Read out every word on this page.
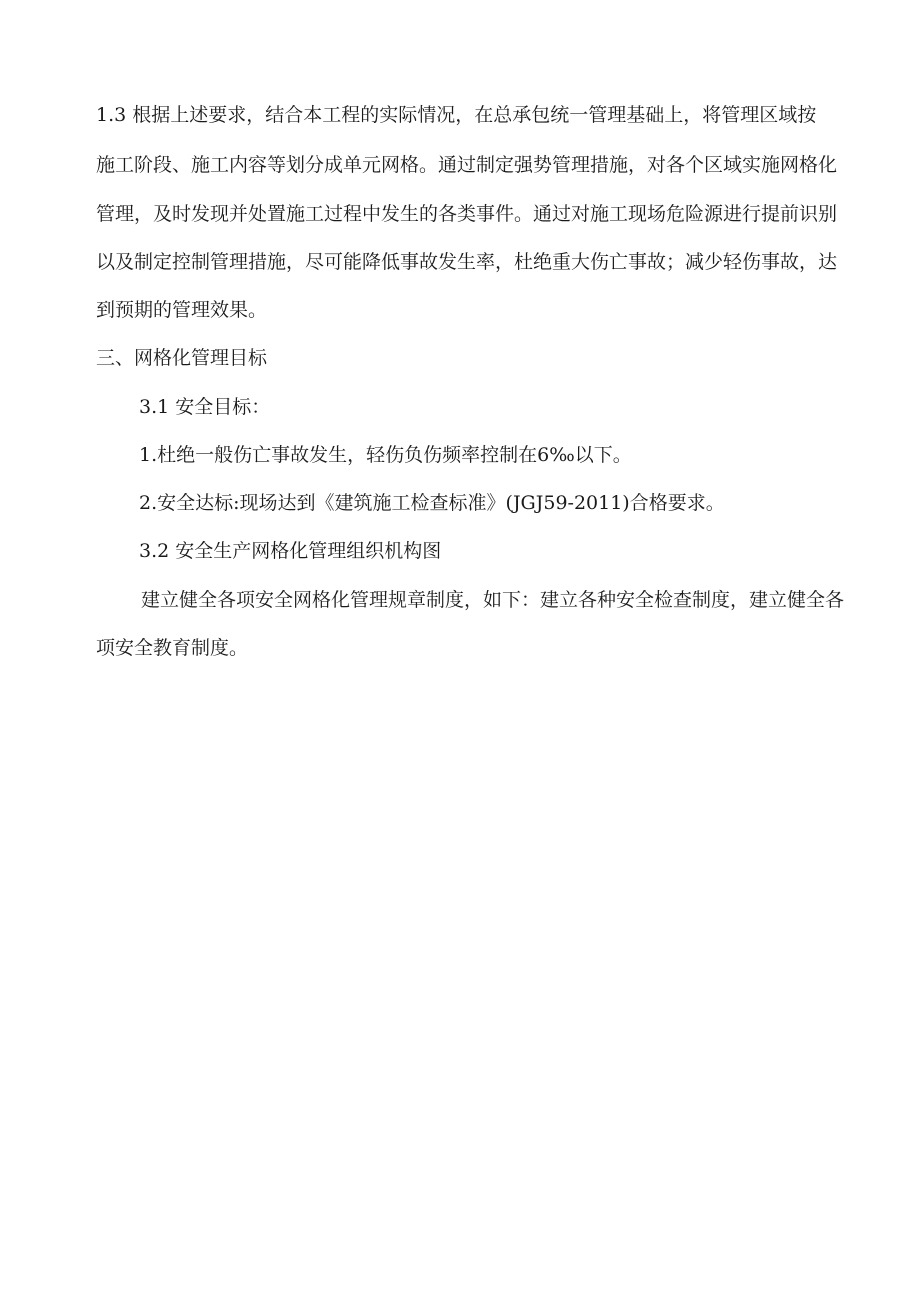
1.3 根据上述要求，结合本工程的实际情况，在总承包统一管理基础上，将管理区域按
施工阶段、施工内容等划分成单元网格。通过制定强势管理措施，对各个区域实施网格化
管理，及时发现并处置施工过程中发生的各类事件。通过对施工现场危险源进行提前识别
以及制定控制管理措施，尽可能降低事故发生率，杜绝重大伤亡事故；减少轻伤事故，达
到预期的管理效果。
三、网格化管理目标
3.1 安全目标：
1.杜绝一般伤亡事故发生，轻伤负伤频率控制在6‰以下。
2.安全达标:现场达到《建筑施工检查标准》(JGJ59-2011)合格要求。
3.2 安全生产网格化管理组织机构图
建立健全各项安全网格化管理规章制度，如下：建立各种安全检查制度，建立健全各
项安全教育制度。
